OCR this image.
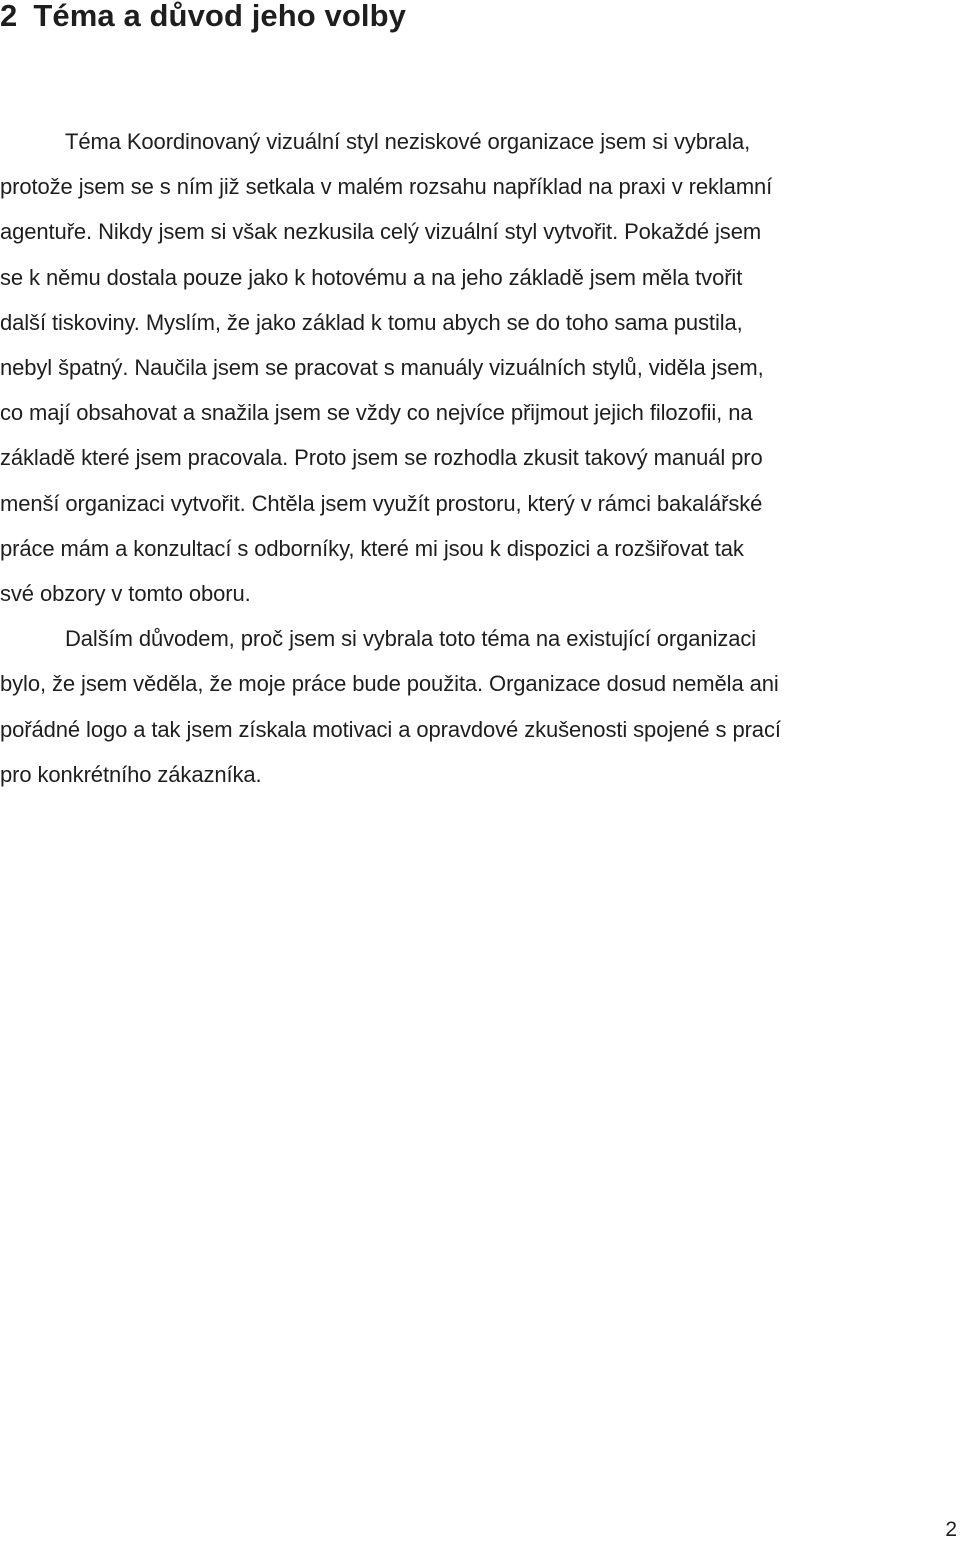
2 Téma a důvod jeho volby

Téma Koordinovaný vizuální styl neziskové organizace jsem si vybrala,
protože jsem se s ním již setkala v malém rozsahu například na praxi v reklamní
agentuře. Nikdy jsem si však nezkusila celý vizuální styl vytvořit. Pokaždé jsem
se k němu dostala pouze jako k hotovému a na jeho základě jsem měla tvořit
další tiskoviny. Myslím, že jako základ k tomu abych se do toho sama pustila,
nebyl špatný. Naučila jsem se pracovat s manuály vizuálních stylů, viděla jsem,
co mají obsahovat a snažila jsem se vždy co nejvíce přijmout jejich filozofii, na
základě které jsem pracovala. Proto jsem se rozhodla zkusit takový manuál pro
menší organizaci vytvořit. Chtěla jsem využít prostoru, který v rámci bakalářské
práce mám a konzultací s odborníky, které mi jsou k dispozici a rozšiřovat tak
své obzory v tomto oboru.

Dalším důvodem, proč jsem si vybrala toto téma na existující organizaci
bylo, že jsem věděla, že moje práce bude použita. Organizace dosud neměla ani
pořádné logo a tak jsem získala motivaci a opravdové zkušenosti spojené s prací
pro konkrétního zákazníka.

2
